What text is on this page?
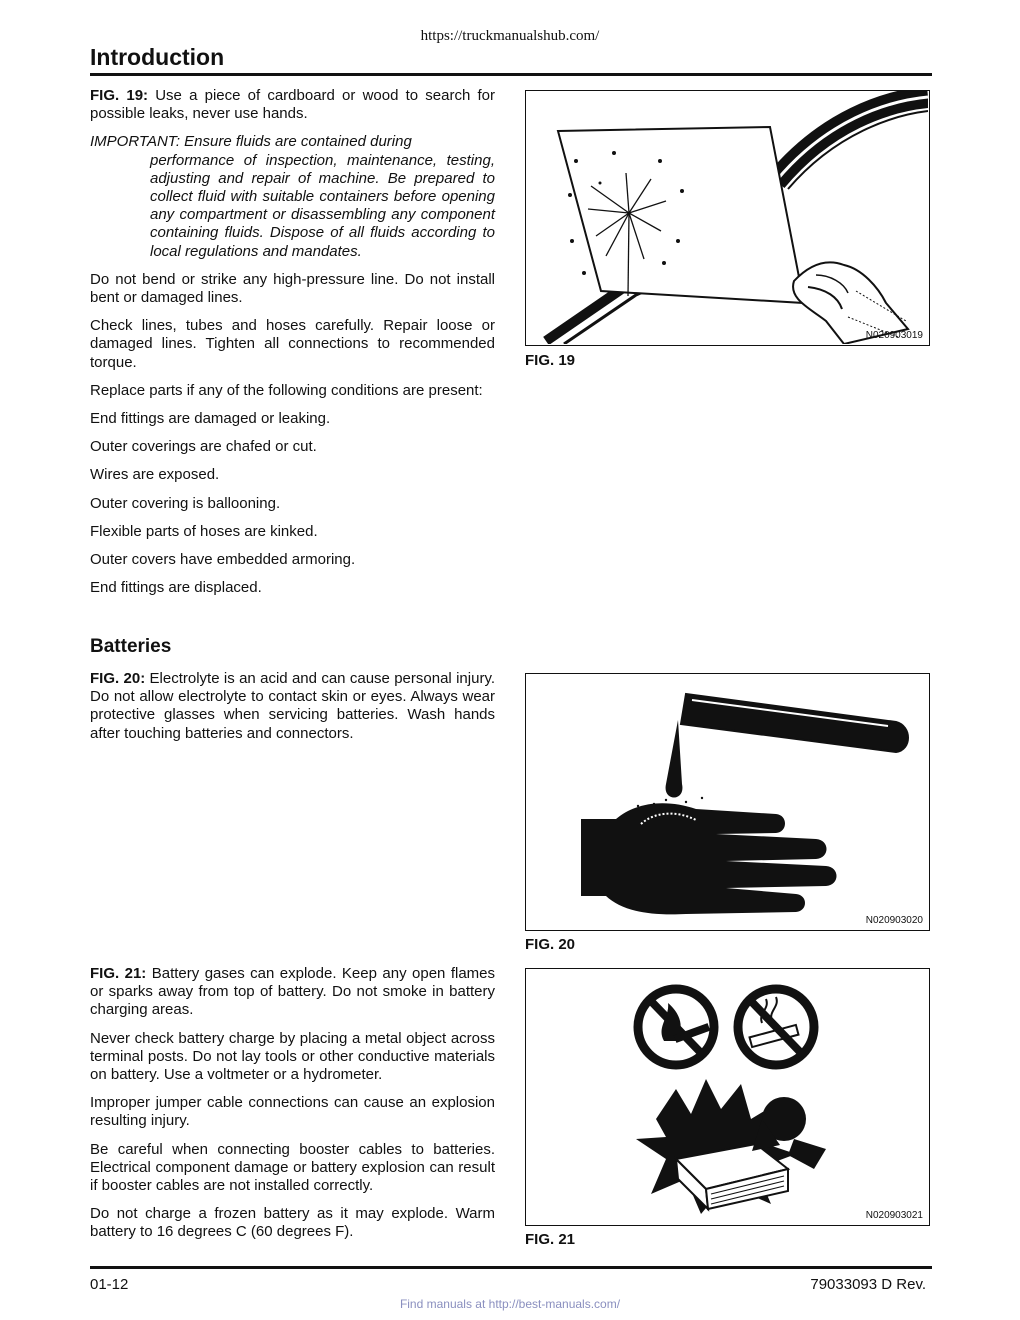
https://truckmanualshub.com/
Introduction

FIG. 19: Use a piece of cardboard or wood to search for possible leaks, never use hands.

IMPORTANT: Ensure fluids are contained during
performance of inspection, maintenance, testing, adjusting and repair of machine. Be prepared to collect fluid with suitable containers before opening any compartment or disassembling any component containing fluids. Dispose of all fluids according to local regulations and mandates.

Do not bend or strike any high-pressure line. Do not install bent or damaged lines.

Check lines, tubes and hoses carefully. Repair loose or damaged lines. Tighten all connections to recommended torque.

Replace parts if any of the following conditions are present:

End fittings are damaged or leaking.

Outer coverings are chafed or cut.

Wires are exposed.

Outer covering is ballooning.

Flexible parts of hoses are kinked.

Outer covers have embedded armoring.

End fittings are displaced.

Batteries

FIG. 20: Electrolyte is an acid and can cause personal injury. Do not allow electrolyte to contact skin or eyes. Always wear protective glasses when servicing batteries. Wash hands after touching batteries and connectors.

FIG. 21: Battery gases can explode. Keep any open flames or sparks away from top of battery. Do not smoke in battery charging areas.

Never check battery charge by placing a metal object across terminal posts. Do not lay tools or other conductive materials on battery. Use a voltmeter or a hydrometer.

Improper jumper cable connections can cause an explosion resulting injury.

Be careful when connecting booster cables to batteries. Electrical component damage or battery explosion can result if booster cables are not installed correctly.

Do not charge a frozen battery as it may explode. Warm battery to 16 degrees C (60 degrees F).

N020903019
FIG. 19
N020903020
FIG. 20
N020903021
FIG. 21
01-12	79033093 D Rev.
Find manuals at http://best-manuals.com/
